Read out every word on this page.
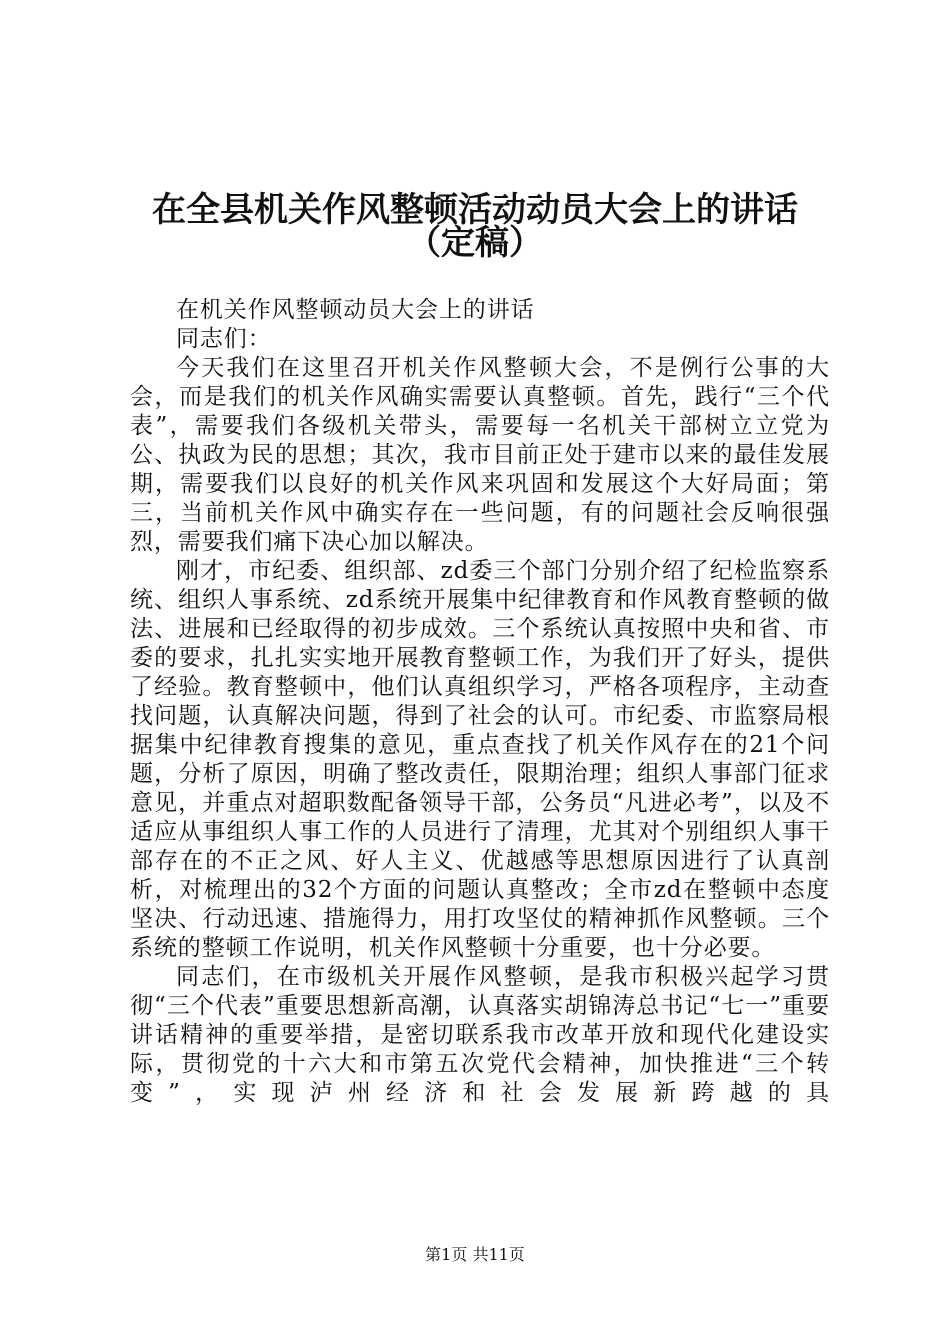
在全县机关作风整顿活动动员大会上的讲话
（定稿）

在机关作风整顿动员大会上的讲话

同志们：

今天我们在这里召开机关作风整顿大会，不是例行公事的大会，而是我们的机关作风确实需要认真整顿。首先，践行“三个代表”，需要我们各级机关带头，需要每一名机关干部树立立党为公、执政为民的思想；其次，我市目前正处于建市以来的最佳发展期，需要我们以良好的机关作风来巩固和发展这个大好局面；第三，当前机关作风中确实存在一些问题，有的问题社会反响很强烈，需要我们痛下决心加以解决。

刚才，市纪委、组织部、zd委三个部门分别介绍了纪检监察系统、组织人事系统、zd系统开展集中纪律教育和作风教育整顿的做法、进展和已经取得的初步成效。三个系统认真按照中央和省、市委的要求，扎扎实实地开展教育整顿工作，为我们开了好头，提供了经验。教育整顿中，他们认真组织学习，严格各项程序，主动查找问题，认真解决问题，得到了社会的认可。市纪委、市监察局根据集中纪律教育搜集的意见，重点查找了机关作风存在的21个问题，分析了原因，明确了整改责任，限期治理；组织人事部门征求意见，并重点对超职数配备领导干部，公务员“凡进必考”，以及不适应从事组织人事工作的人员进行了清理，尤其对个别组织人事干部存在的不正之风、好人主义、优越感等思想原因进行了认真剖析，对梳理出的32个方面的问题认真整改；全市zd在整顿中态度坚决、行动迅速、措施得力，用打攻坚仗的精神抓作风整顿。三个系统的整顿工作说明，机关作风整顿十分重要，也十分必要。

同志们，在市级机关开展作风整顿，是我市积极兴起学习贯彻“三个代表”重要思想新高潮，认真落实胡锦涛总书记“七一”重要讲话精神的重要举措，是密切联系我市改革开放和现代化建设实际，贯彻党的十六大和市第五次党代会精神，加快推进“三个转变”，实现泸州经济和社会发展新跨越的具

第1页 共11页
